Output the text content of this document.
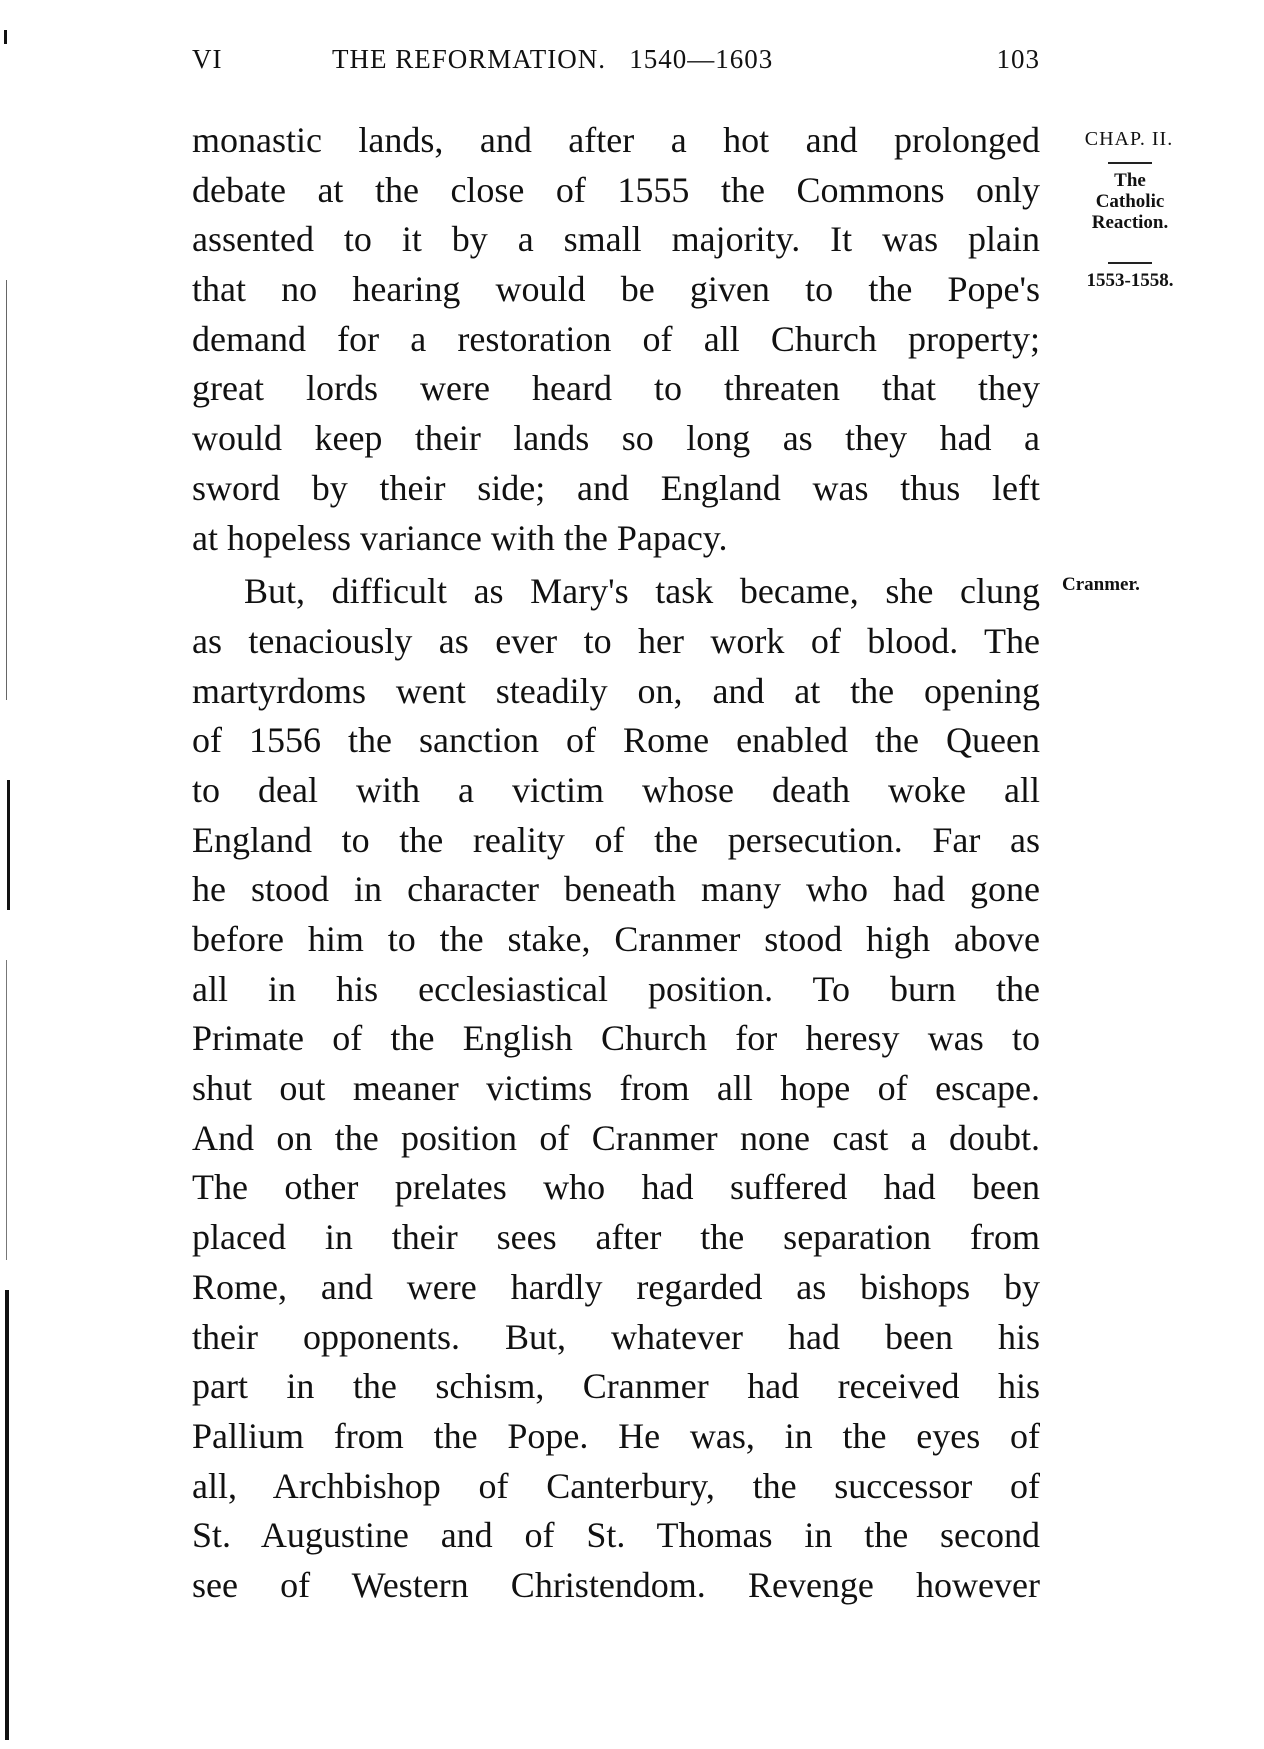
VI	THE REFORMATION.   1540—1603	103
monastic lands, and after a hot and prolonged
debate at the close of 1555 the Commons only
assented to it by a small majority. It was plain
that no hearing would be given to the Pope's
demand for a restoration of all Church property;
great lords were heard to threaten that they
would keep their lands so long as they had a
sword by their side; and England was thus left
at hopeless variance with the Papacy.
But, difficult as Mary's task became, she clung
as tenaciously as ever to her work of blood. The
martyrdoms went steadily on, and at the opening
of 1556 the sanction of Rome enabled the Queen
to deal with a victim whose death woke all
England to the reality of the persecution. Far as
he stood in character beneath many who had gone
before him to the stake, Cranmer stood high above
all in his ecclesiastical position. To burn the
Primate of the English Church for heresy was to
shut out meaner victims from all hope of escape.
And on the position of Cranmer none cast a doubt.
The other prelates who had suffered had been
placed in their sees after the separation from
Rome, and were hardly regarded as bishops by
their opponents. But, whatever had been his
part in the schism, Cranmer had received his
Pallium from the Pope. He was, in the eyes of
all, Archbishop of Canterbury, the successor of
St. Augustine and of St. Thomas in the second
see of Western Christendom. Revenge however
CHAP. II.
The
Catholic
Reaction.
1553-1558.
Cranmer.
